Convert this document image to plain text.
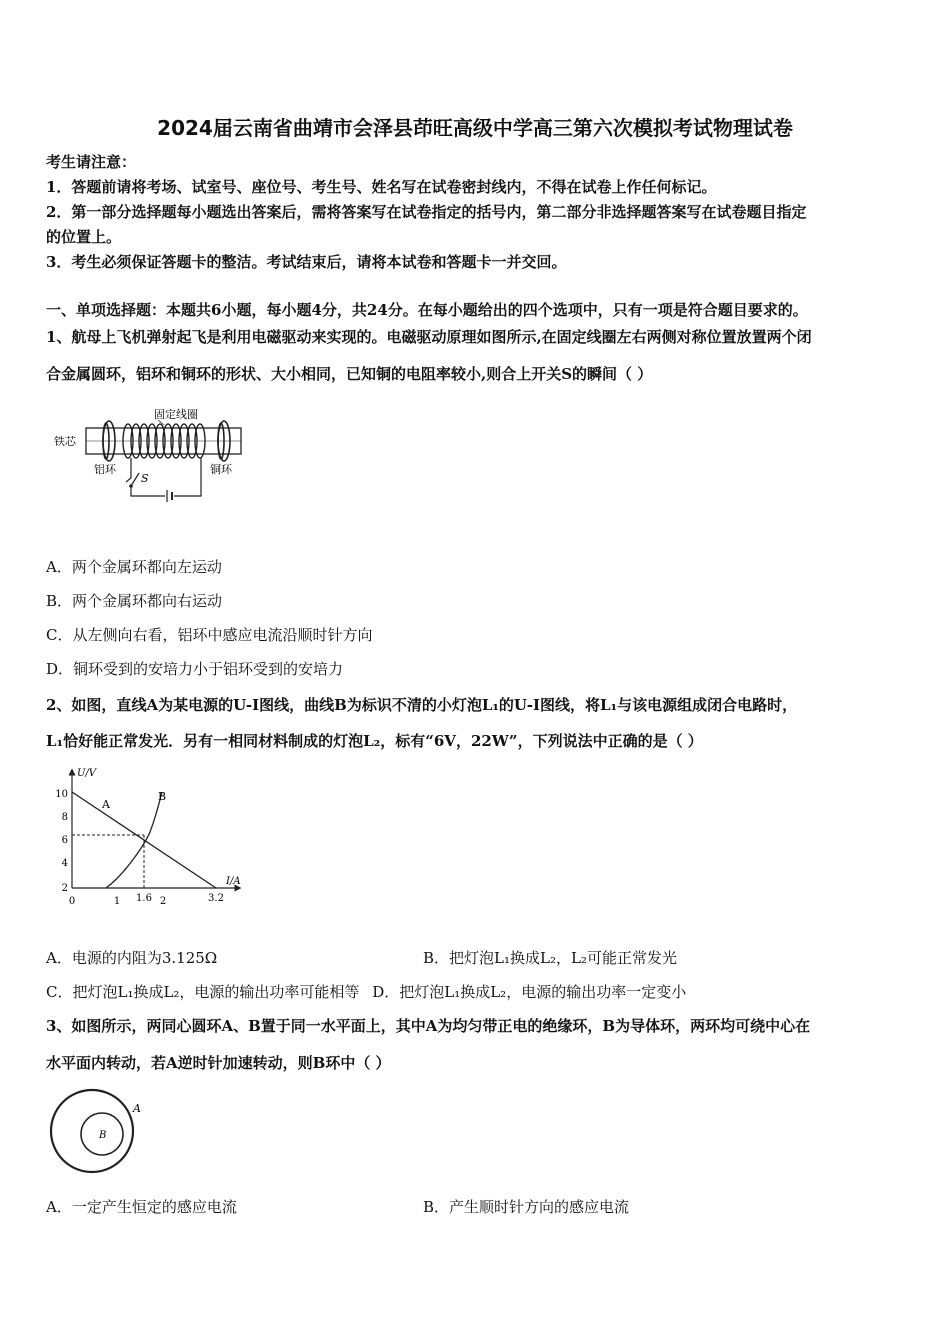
2024届云南省曲靖市会泽县茚旺高级中学高三第六次模拟考试物理试卷
考生请注意：
1．答题前请将考场、试室号、座位号、考生号、姓名写在试卷密封线内，不得在试卷上作任何标记。
2．第一部分选择题每小题选出答案后，需将答案写在试卷指定的括号内，第二部分非选择题答案写在试卷题目指定
的位置上。
3．考生必须保证答题卡的整洁。考试结束后，请将本试卷和答题卡一并交回。
一、单项选择题：本题共6小题，每小题4分，共24分。在每小题给出的四个选项中，只有一项是符合题目要求的。
1、航母上飞机弹射起飞是利用电磁驱动来实现的。电磁驱动原理如图所示,在固定线圈左右两侧对称位置放置两个闭
合金属圆环，铝环和铜环的形状、大小相同，已知铜的电阻率较小,则合上开关S的瞬间（ ）
固定线圈
铁芯
铝环	铜环
S
A．两个金属环都向左运动
B．两个金属环都向右运动
C．从左侧向右看，铝环中感应电流沿顺时针方向
D．铜环受到的安培力小于铝环受到的安培力
2、如图，直线A为某电源的U-I图线，曲线B为标识不清的小灯泡L₁的U-I图线，将L₁与该电源组成闭合电路时，
L₁恰好能正常发光．另有一相同材料制成的灯泡L₂，标有“6V，22W”，下列说法中正确的是（ ）
U/V
I/A
10
8
6
4
2
0	1 1.6 2	3.2
A
B
A．电源的内阻为3.125Ω	B．把灯泡L₁换成L₂，L₂可能正常发光
C．把灯泡L₁换成L₂，电源的输出功率可能相等 D．把灯泡L₁换成L₂，电源的输出功率一定变小
3、如图所示，两同心圆环A、B置于同一水平面上，其中A为均匀带正电的绝缘环，B为导体环，两环均可绕中心在
水平面内转动，若A逆时针加速转动，则B环中（ ）
A
B
A．一定产生恒定的感应电流	B．产生顺时针方向的感应电流
